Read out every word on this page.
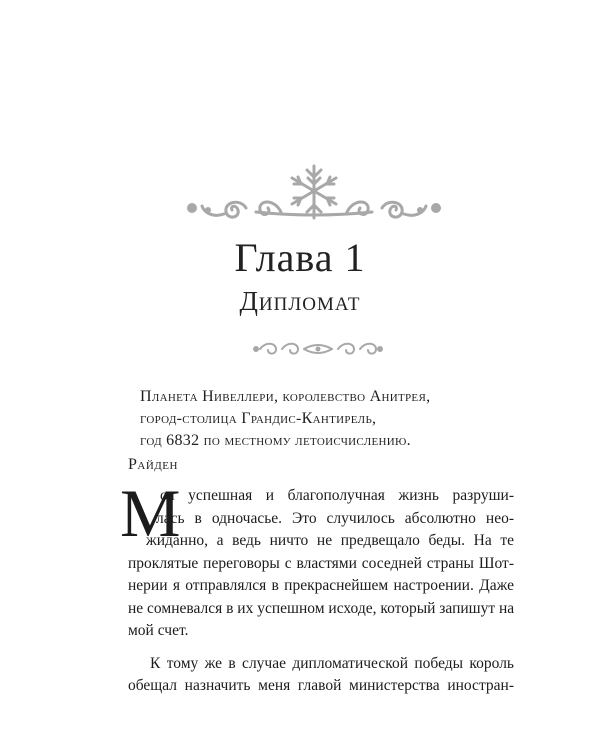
Глава 1
Дипломат
Планета Нивеллери, королевство Анитрея,
город-столица Грандис-Кантирель,
год 6832 по местному летоисчислению.
Райден
М
оя успешная и благополучная жизнь разруши-
лась в одночасье. Это случилось абсолютно нео-
жиданно, а ведь ничто не предвещало беды. На те
проклятые переговоры с властями соседней страны Шот-
нерии я отправлялся в прекраснейшем настроении. Даже
не сомневался в их успешном исходе, который запишут на
мой счет.
К тому же в случае дипломатической победы король
обещал назначить меня главой министерства иностран-
